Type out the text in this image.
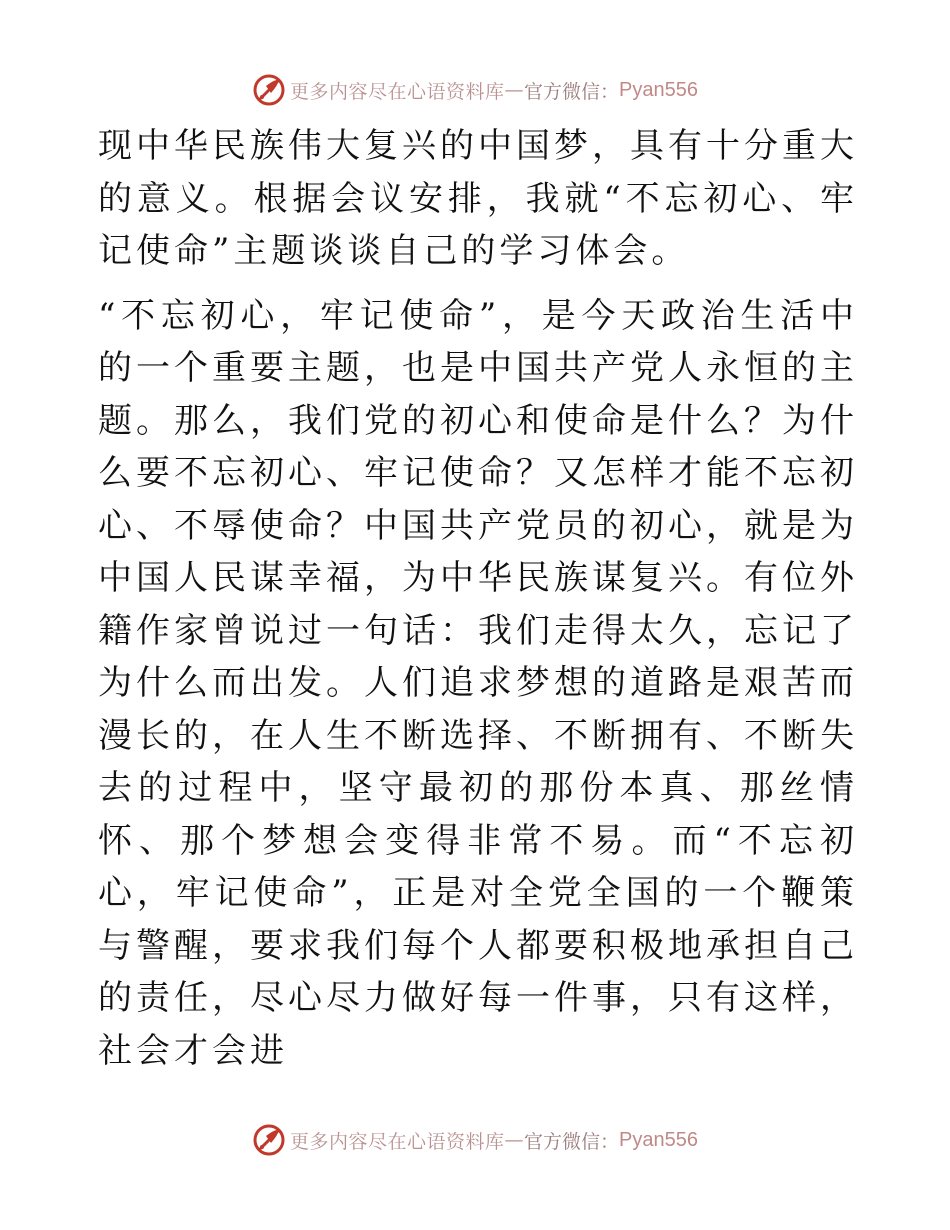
更多内容尽在心语资料库 — 官方微信： Pyan556

现中华民族伟大复兴的中国梦，具有十分重大的意义。根据会议安排，我就“不忘初心、牢记使命”主题谈谈自己的学习体会。

“不忘初心，牢记使命”，是今天政治生活中的一个重要主题，也是中国共产党人永恒的主题。那么，我们党的初心和使命是什么？为什么要不忘初心、牢记使命？又怎样才能不忘初心、不辱使命？中国共产党员的初心，就是为中国人民谋幸福，为中华民族谋复兴。有位外籍作家曾说过一句话：我们走得太久，忘记了为什么而出发。人们追求梦想的道路是艰苦而漫长的，在人生不断选择、不断拥有、不断失去的过程中，坚守最初的那份本真、那丝情怀、那个梦想会变得非常不易。而“不忘初心，牢记使命”，正是对全党全国的一个鞭策与警醒，要求我们每个人都要积极地承担自己的责任，尽心尽力做好每一件事，只有这样，社会才会进

更多内容尽在心语资料库 — 官方微信： Pyan556
